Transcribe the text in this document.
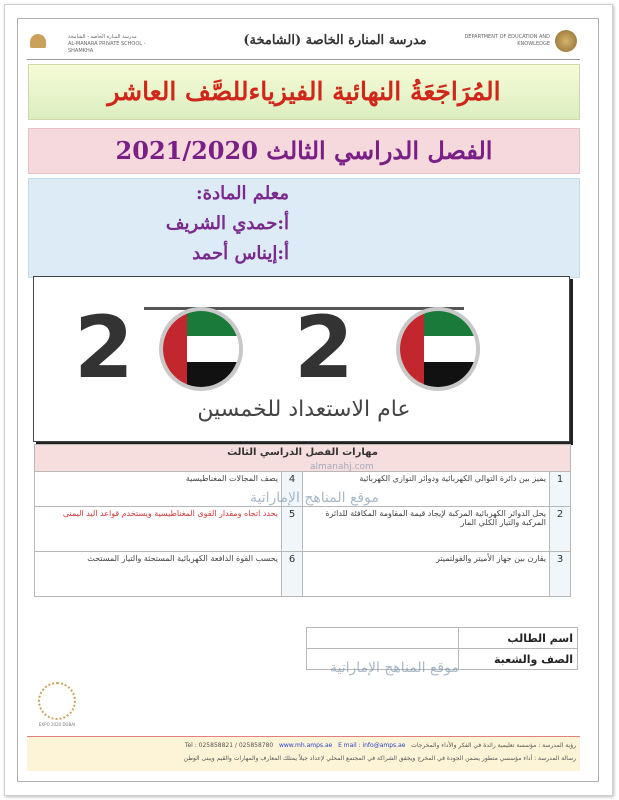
مدرسة المنارة الخاصة - الشامخة
AL-MANARA PRIVATE SCHOOL - SHAMKHA
مدرسة المنارة الخاصة (الشامخة)	DEPARTMENT OF EDUCATION AND KNOWLEDGE
المُرَاجَعَةُ النهائية الفيزياءللصَّف العاشر
الفصل الدراسي الثالث 2021/2020
معلم المادة:
أ:حمدي الشريف
أ:إيناس أحمد
2 2
عام الاستعداد للخمسين
مهارات الفصل الدراسي الثالث			
1	يميز بين دائرة التوالي الكهربائية ودوائر التوازي الكهربائية	4	يصف المجالات المغناطيسية
2	يحل الدوائر الكهربائية المركبة لإيجاد قيمة المقاومة المكافئة للدائرة المركبة والتيار الكلي المار	5	يحدد اتجاه ومقدار القوى المغناطيسية ويستخدم قواعد اليد اليمنى
3	يقارن بين جهاز الأميتر والفولتميتر	6	يحسب القوة الدافعة الكهربائية المستحثة والتيار المستحث
اسم الطالب	
الصف والشعبة	
almanahj.com
موقع المناهج الإماراتية
موقع المناهج الإماراتية
EXPO 2020 DUBAI
رؤية المدرسة : مؤسسة تعليمية رائدة في الفكر والأداء والمخرجات   Tel : 025858821 / 025858780 www.mh.amps.ae E mail : info@amps.ae
رسالة المدرسة : أداء مؤسسي متطور يضمن الجودة في المخرج ويحقق الشراكة في المجتمع المحلي لإعداد جيلاً يمتلك المعارف والمهارات والقيم ويبنى الوطن
